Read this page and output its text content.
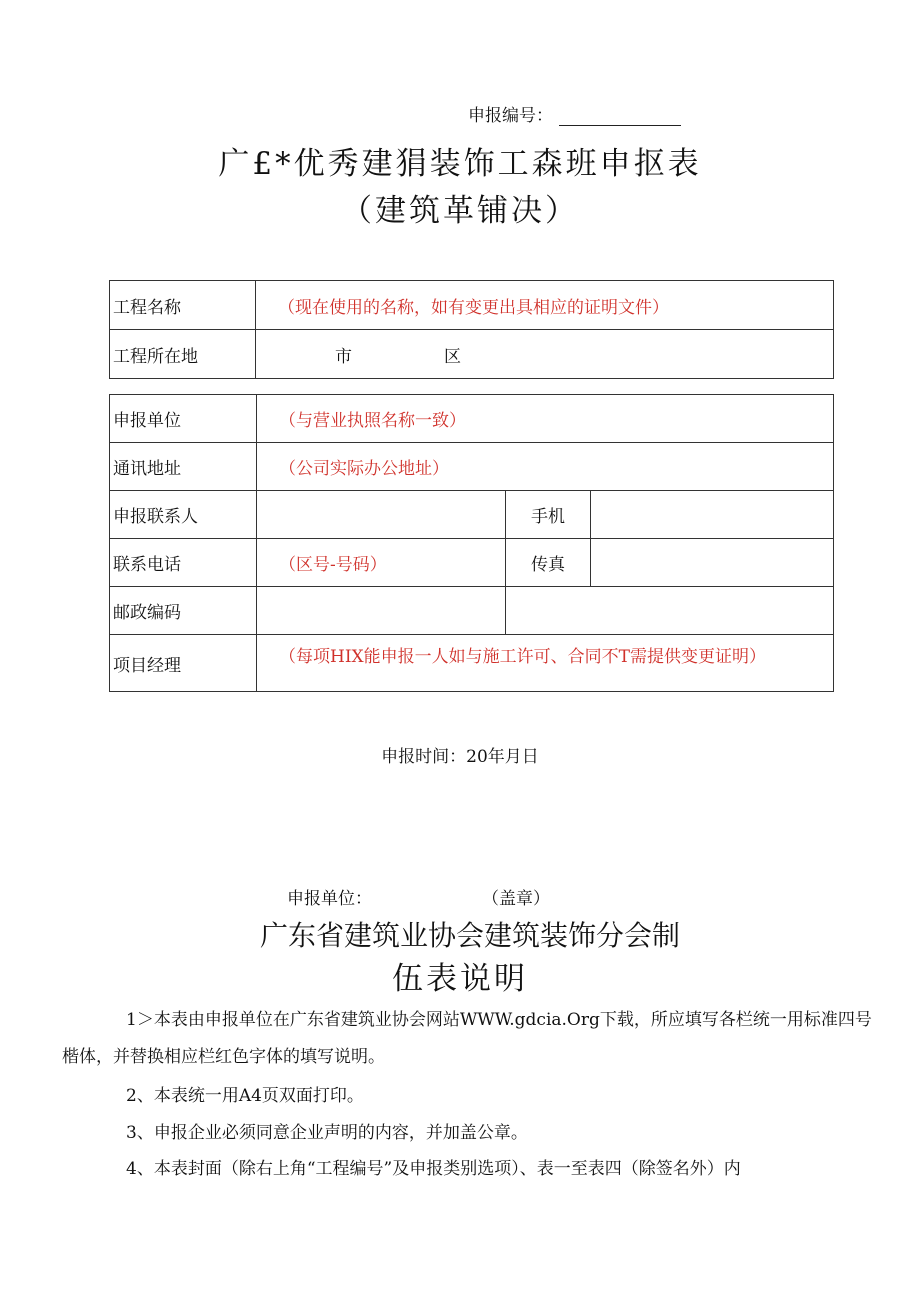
申报编号：
广£*优秀建狷装饰工森班申抠表
（建筑革铺决）
工程名称	（现在使用的名称，如有变更出具相应的证明文件）
工程所在地	市 区
申报单位	（与营业执照名称一致）		
通讯地址	（公司实际办公地址）		
申报联系人		手机	
联系电话	（区号-号码）	传真	
邮政编码			
项目经理	（每项HIX能申报一人如与施工许可、合同不T需提供变更证明）		
申报时间：20年月日
申报单位：	（盖章）
广东省建筑业协会建筑装饰分会制
伍表说明
1＞本表由申报单位在广东省建筑业协会网站WWW.gdcia.Org下载，所应填写各栏统一用标准四号楷体，并替换相应栏红色字体的填写说明。
2、本表统一用A4页双面打印。
3、申报企业必须同意企业声明的内容，并加盖公章。
4、本表封面（除右上角“工程编号”及申报类别选项）、表一至表四（除签名外）内
